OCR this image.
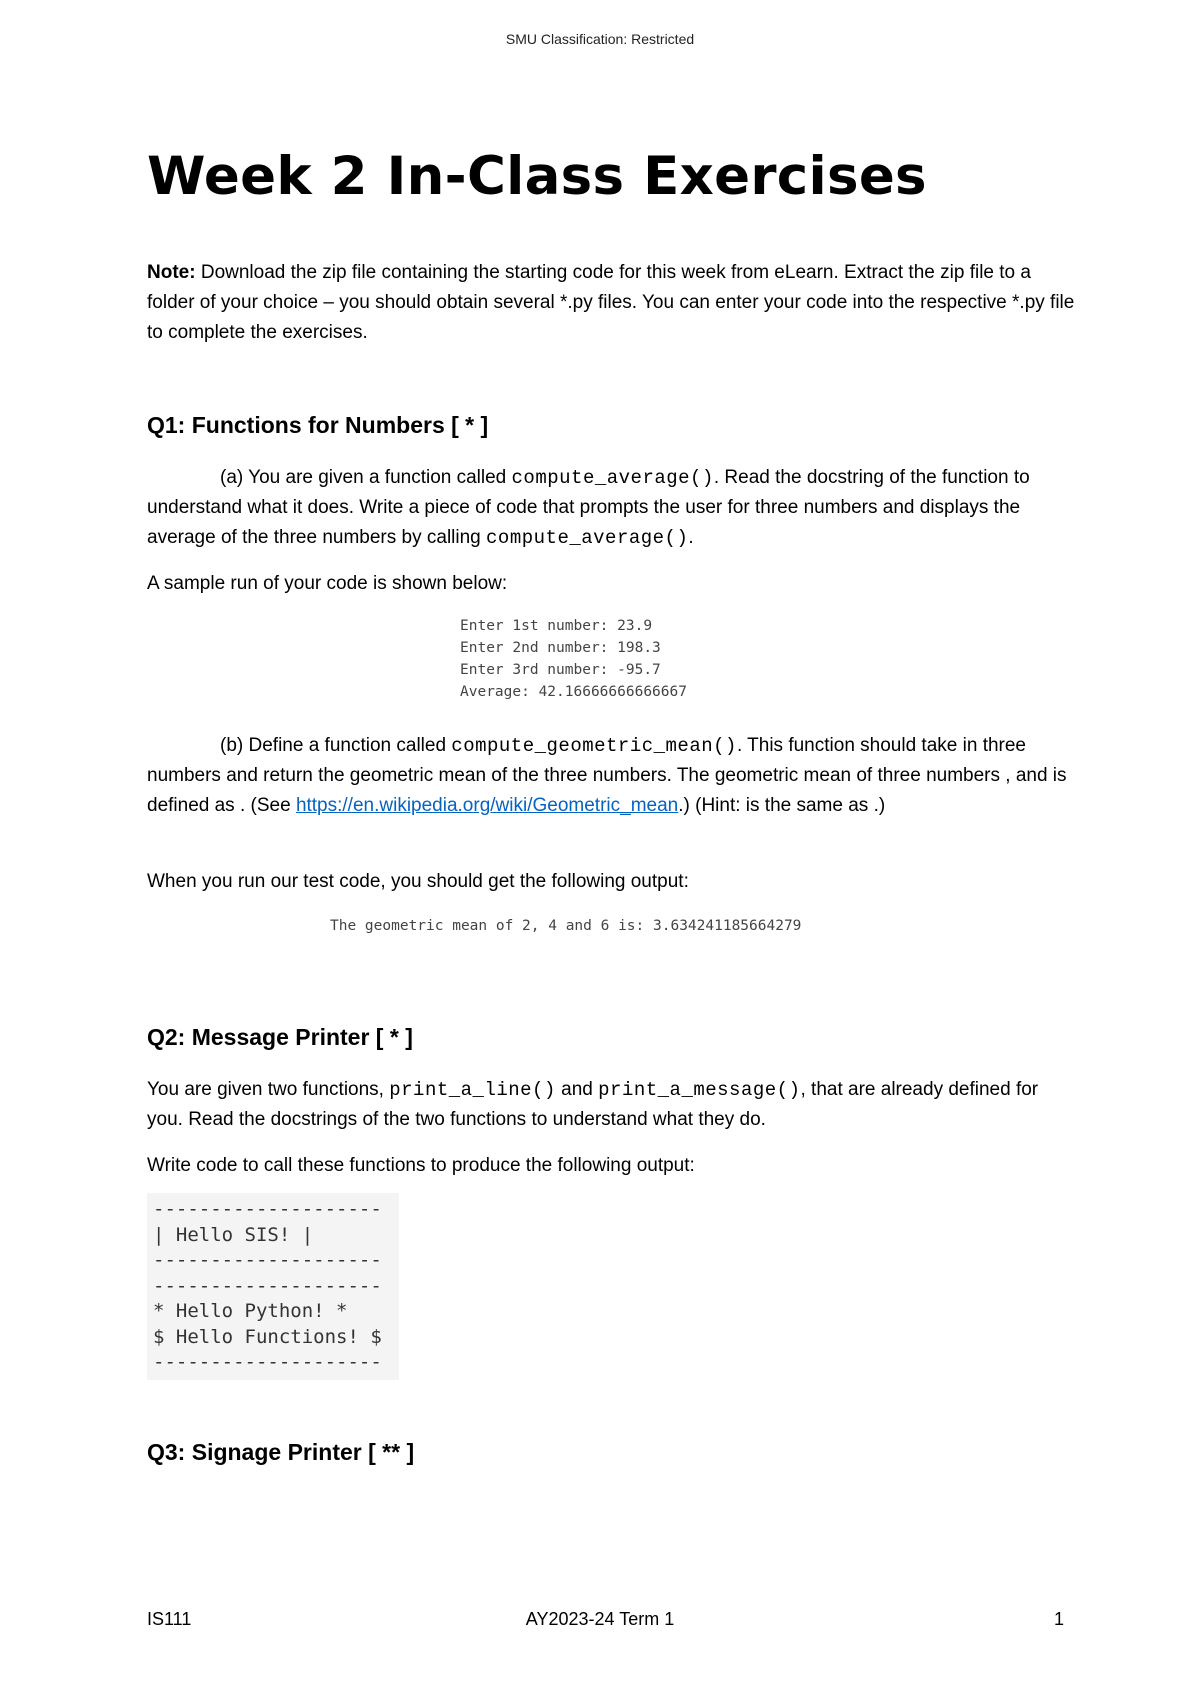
SMU Classification: Restricted
Week 2 In-Class Exercises
Note: Download the zip file containing the starting code for this week from eLearn. Extract the zip file to a folder of your choice – you should obtain several *.py files. You can enter your code into the respective *.py file to complete the exercises.
Q1: Functions for Numbers [ * ]
(a) You are given a function called compute_average(). Read the docstring of the function to understand what it does. Write a piece of code that prompts the user for three numbers and displays the average of the three numbers by calling compute_average().
A sample run of your code is shown below:
Enter 1st number: 23.9
Enter 2nd number: 198.3
Enter 3rd number: -95.7
Average: 42.16666666666667
(b) Define a function called compute_geometric_mean(). This function should take in three numbers and return the geometric mean of the three numbers. The geometric mean of three numbers , and is defined as . (See https://en.wikipedia.org/wiki/Geometric_mean.) (Hint: is the same as .)
When you run our test code, you should get the following output:
The geometric mean of 2, 4 and 6 is: 3.634241185664279
Q2: Message Printer [ * ]
You are given two functions, print_a_line() and print_a_message(), that are already defined for you. Read the docstrings of the two functions to understand what they do.
Write code to call these functions to produce the following output:
--------------------
| Hello SIS! |
--------------------
--------------------
* Hello Python! *
$ Hello Functions! $
--------------------
Q3: Signage Printer [ ** ]
IS111	AY2023-24 Term 1	1
